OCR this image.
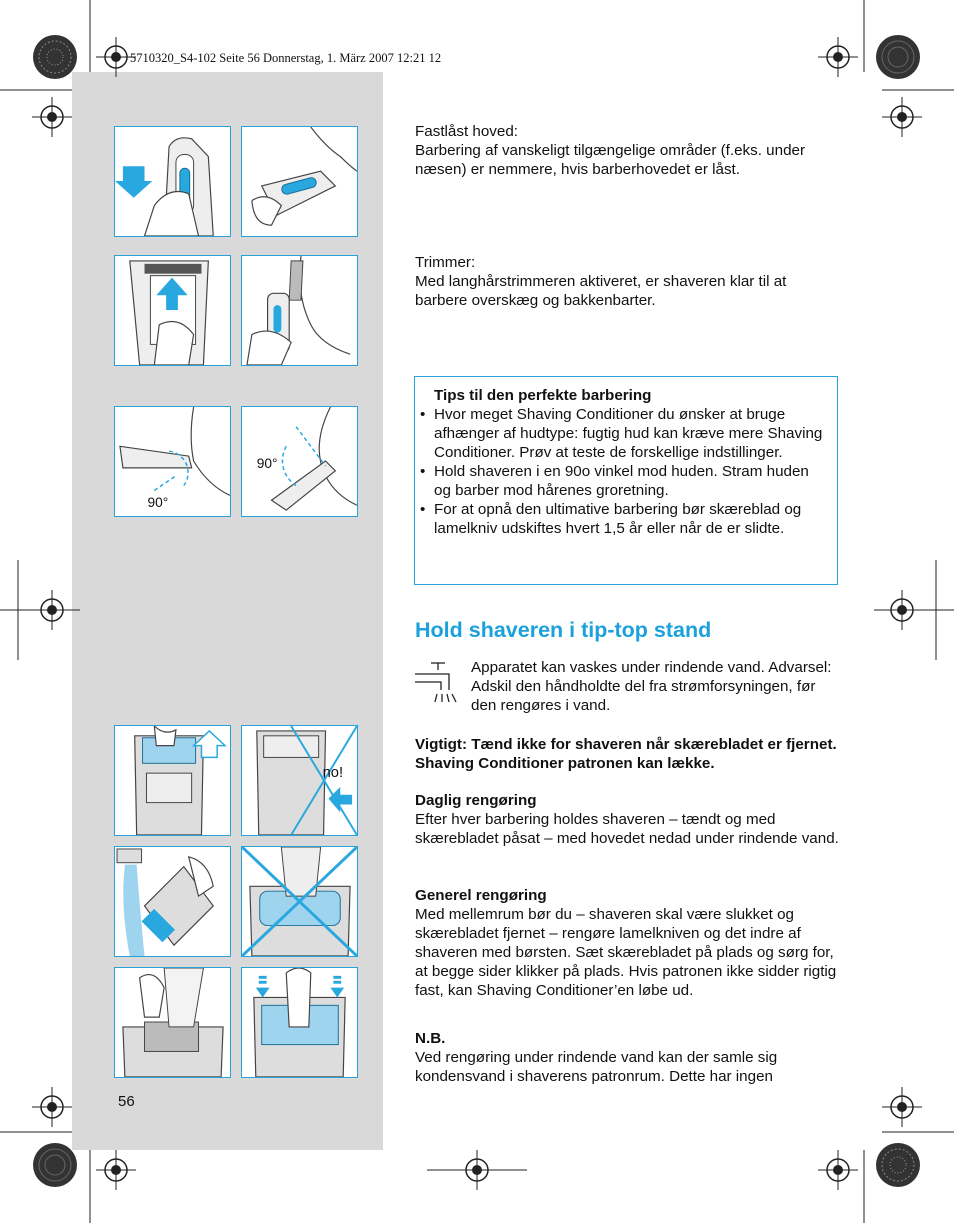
5710320_S4-102 Seite 56 Donnerstag, 1. März 2007 12:21 12
90°
90°
no!

Fastlåst hoved:

Barbering af vanskeligt tilgængelige områder (f.eks. under næsen) er nemmere, hvis barberhovedet er låst.

Trimmer:

Med langhårstrimmeren aktiveret, er shaveren klar til at barbere overskæg og bakkenbarter.

Tips til den perfekte barbering

• Hvor meget Shaving Conditioner du ønsker at bruge afhænger af hudtype: fugtig hud kan kræve mere Shaving Conditioner. Prøv at teste de forskellige indstillinger.
• Hold shaveren i en 90o vinkel mod huden. Stram huden og barber mod hårenes groretning.
• For at opnå den ultimative barbering bør skæreblad og lamelkniv udskiftes hvert 1,5 år eller når de er slidte.
Hold shaveren i tip-top stand
Apparatet kan vaskes under rindende vand. Advarsel: Adskil den håndholdte del fra strømforsyningen, før den rengøres i vand.
Vigtigt: Tænd ikke for shaveren når skærebladet er fjernet. Shaving Conditioner patronen kan lække.

Daglig rengøring

Efter hver barbering holdes shaveren – tændt og med skærebladet påsat – med hovedet nedad under rindende vand.

Generel rengøring

Med mellemrum bør du – shaveren skal være slukket og skærebladet fjernet – rengøre lamelkniven og det indre af shaveren med børsten. Sæt skærebladet på plads og sørg for, at begge sider klikker på plads. Hvis patronen ikke sidder rigtig fast, kan Shaving Conditioner’en løbe ud.

N.B.

Ved rengøring under rindende vand kan der samle sig kondensvand i shaverens patronrum. Dette har ingen

56
